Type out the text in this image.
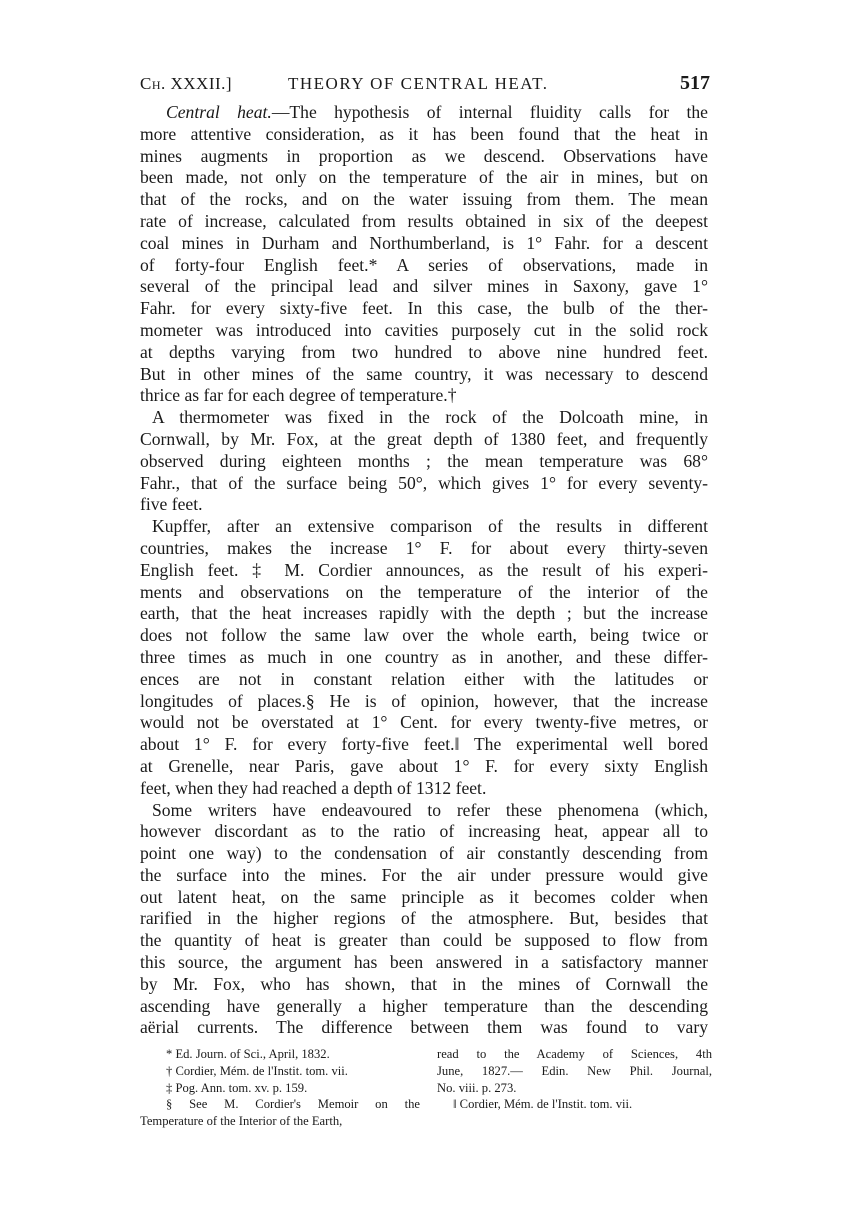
Ch. XXXII.]	THEORY OF CENTRAL HEAT.	517

Central heat.—The hypothesis of internal fluidity calls for the
more attentive consideration, as it has been found that the heat in
mines augments in proportion as we descend. Observations have
been made, not only on the temperature of the air in mines, but on
that of the rocks, and on the water issuing from them. The mean
rate of increase, calculated from results obtained in six of the deepest
coal mines in Durham and Northumberland, is 1° Fahr. for a descent
of forty-four English feet.* A series of observations, made in
several of the principal lead and silver mines in Saxony, gave 1°
Fahr. for every sixty-five feet. In this case, the bulb of the ther-
mometer was introduced into cavities purposely cut in the solid rock
at depths varying from two hundred to above nine hundred feet.
But in other mines of the same country, it was necessary to descend
thrice as far for each degree of temperature.†

A thermometer was fixed in the rock of the Dolcoath mine, in
Cornwall, by Mr. Fox, at the great depth of 1380 feet, and frequently
observed during eighteen months ; the mean temperature was 68°
Fahr., that of the surface being 50°, which gives 1° for every seventy-
five feet.

Kupffer, after an extensive comparison of the results in different
countries, makes the increase 1° F. for about every thirty-seven
English feet. ‡ M. Cordier announces, as the result of his experi-
ments and observations on the temperature of the interior of the
earth, that the heat increases rapidly with the depth ; but the increase
does not follow the same law over the whole earth, being twice or
three times as much in one country as in another, and these differ-
ences are not in constant relation either with the latitudes or
longitudes of places.§ He is of opinion, however, that the increase
would not be overstated at 1° Cent. for every twenty-five metres, or
about 1° F. for every forty-five feet.‖ The experimental well bored
at Grenelle, near Paris, gave about 1° F. for every sixty English
feet, when they had reached a depth of 1312 feet.

Some writers have endeavoured to refer these phenomena (which,
however discordant as to the ratio of increasing heat, appear all to
point one way) to the condensation of air constantly descending from
the surface into the mines. For the air under pressure would give
out latent heat, on the same principle as it becomes colder when
rarified in the higher regions of the atmosphere. But, besides that
the quantity of heat is greater than could be supposed to flow from
this source, the argument has been answered in a satisfactory manner
by Mr. Fox, who has shown, that in the mines of Cornwall the
ascending have generally a higher temperature than the descending
aërial currents. The difference between them was found to vary

* Ed. Journ. of Sci., April, 1832.
† Cordier, Mém. de l'Instit. tom. vii.
‡ Pog. Ann. tom. xv. p. 159.
§ See M. Cordier's Memoir on the
Temperature of the Interior of the Earth,
read to the Academy of Sciences, 4th
June, 1827.— Edin. New Phil. Journal,
No. viii. p. 273.
‖ Cordier, Mém. de l'Instit. tom. vii.
